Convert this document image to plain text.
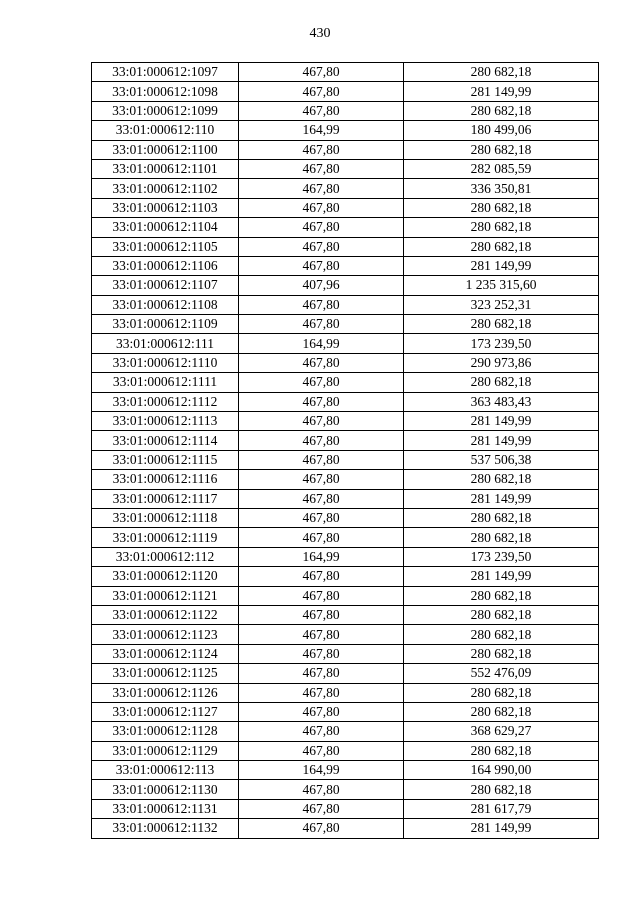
430
33:01:000612:1097	467,80	280 682,18
33:01:000612:1098	467,80	281 149,99
33:01:000612:1099	467,80	280 682,18
33:01:000612:110	164,99	180 499,06
33:01:000612:1100	467,80	280 682,18
33:01:000612:1101	467,80	282 085,59
33:01:000612:1102	467,80	336 350,81
33:01:000612:1103	467,80	280 682,18
33:01:000612:1104	467,80	280 682,18
33:01:000612:1105	467,80	280 682,18
33:01:000612:1106	467,80	281 149,99
33:01:000612:1107	407,96	1 235 315,60
33:01:000612:1108	467,80	323 252,31
33:01:000612:1109	467,80	280 682,18
33:01:000612:111	164,99	173 239,50
33:01:000612:1110	467,80	290 973,86
33:01:000612:1111	467,80	280 682,18
33:01:000612:1112	467,80	363 483,43
33:01:000612:1113	467,80	281 149,99
33:01:000612:1114	467,80	281 149,99
33:01:000612:1115	467,80	537 506,38
33:01:000612:1116	467,80	280 682,18
33:01:000612:1117	467,80	281 149,99
33:01:000612:1118	467,80	280 682,18
33:01:000612:1119	467,80	280 682,18
33:01:000612:112	164,99	173 239,50
33:01:000612:1120	467,80	281 149,99
33:01:000612:1121	467,80	280 682,18
33:01:000612:1122	467,80	280 682,18
33:01:000612:1123	467,80	280 682,18
33:01:000612:1124	467,80	280 682,18
33:01:000612:1125	467,80	552 476,09
33:01:000612:1126	467,80	280 682,18
33:01:000612:1127	467,80	280 682,18
33:01:000612:1128	467,80	368 629,27
33:01:000612:1129	467,80	280 682,18
33:01:000612:113	164,99	164 990,00
33:01:000612:1130	467,80	280 682,18
33:01:000612:1131	467,80	281 617,79
33:01:000612:1132	467,80	281 149,99
